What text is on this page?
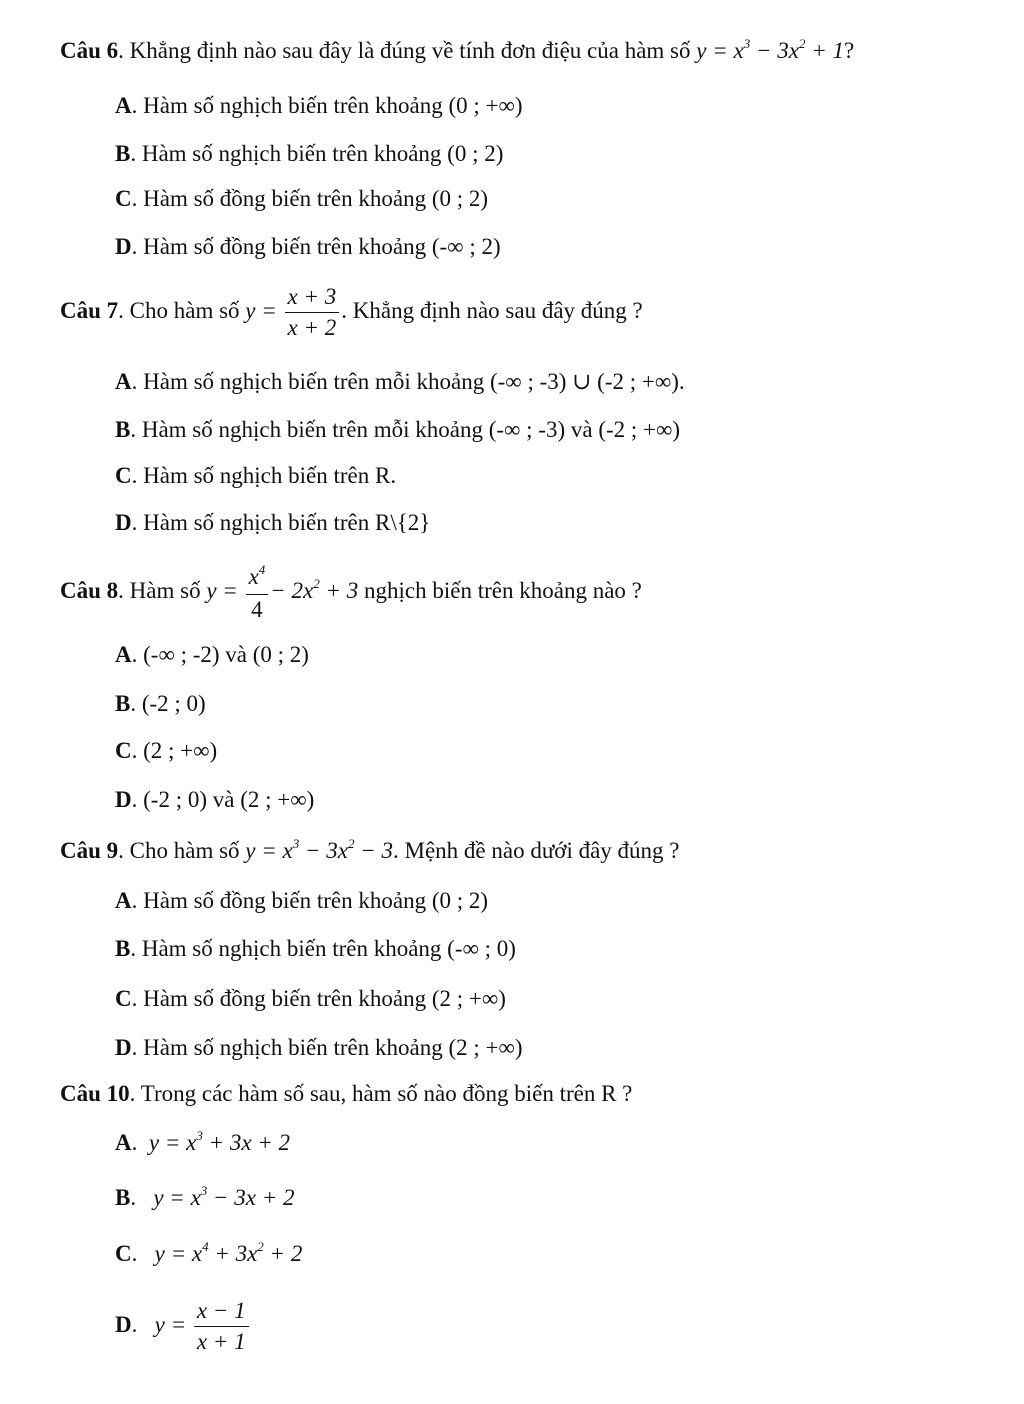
Câu 6. Khẳng định nào sau đây là đúng về tính đơn điệu của hàm số $y = x^3 - 3x^2 + 1$?
A. Hàm số nghịch biến trên khoảng (0 ; +∞)
B. Hàm số nghịch biến trên khoảng (0 ; 2)
C. Hàm số đồng biến trên khoảng (0 ; 2)
D. Hàm số đồng biến trên khoảng (-∞ ; 2)
Câu 7. Cho hàm số $y = \frac{x + 3}{x + 2}$ . Khẳng định nào sau đây đúng ?
A. Hàm số nghịch biến trên mỗi khoảng (-∞ ; -3) ∪ (-2 ; +∞).
B. Hàm số nghịch biến trên mỗi khoảng (-∞ ; -3) và (-2 ; +∞)
C. Hàm số nghịch biến trên R.
D. Hàm số nghịch biến trên R\{2}
Câu 8. Hàm số $y = \frac{x^4}{4} - 2x^2 + 3$ nghịch biến trên khoảng nào ?
A. (-∞ ; -2) và (0 ; 2)
B. (-2 ; 0)
C. (2 ; +∞)
D. (-2 ; 0) và (2 ; +∞)
Câu 9. Cho hàm số $y = x^3 - 3x^2 - 3$. Mệnh đề nào dưới đây đúng ?
A. Hàm số đồng biến trên khoảng (0 ; 2)
B. Hàm số nghịch biến trên khoảng (-∞ ; 0)
C. Hàm số đồng biến trên khoảng (2 ; +∞)
D. Hàm số nghịch biến trên khoảng (2 ; +∞)
Câu 10. Trong các hàm số sau, hàm số nào đồng biến trên R ?
A. $y = x^3 + 3x + 2$
B. $y = x^3 - 3x + 2$
C. $y = x^4 + 3x^2 + 2$
D. $y = \frac{x - 1}{x + 1}$
